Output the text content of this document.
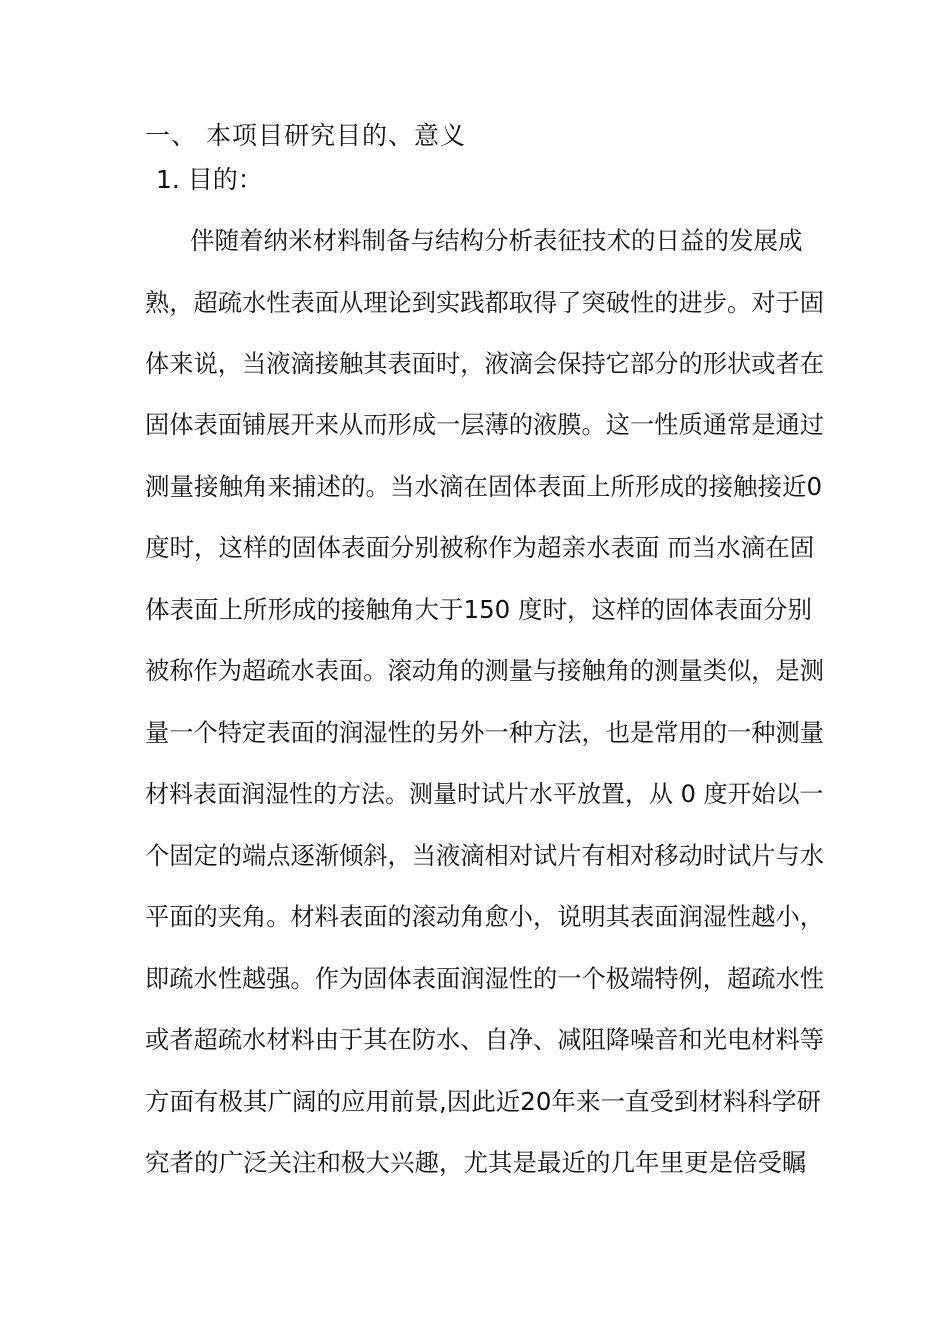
一、 本项目研究目的、意义
1. 目的：
伴随着纳米材料制备与结构分析表征技术的日益的发展成
熟，超疏水性表面从理论到实践都取得了突破性的进步。对于固
体来说，当液滴接触其表面时，液滴会保持它部分的形状或者在
固体表面铺展开来从而形成一层薄的液膜。这一性质通常是通过
测量接触角来捕述的。当水滴在固体表面上所形成的接触接近0
度时，这样的固体表面分别被称作为超亲水表面 而当水滴在固
体表面上所形成的接触角大于150 度时，这样的固体表面分别
被称作为超疏水表面。滚动角的测量与接触角的测量类似，是测
量一个特定表面的润湿性的另外一种方法，也是常用的一种测量
材料表面润湿性的方法。测量时试片水平放置，从 0 度开始以一
个固定的端点逐渐倾斜，当液滴相对试片有相对移动时试片与水
平面的夹角。材料表面的滚动角愈小，说明其表面润湿性越小，
即疏水性越强。作为固体表面润湿性的一个极端特例，超疏水性
或者超疏水材料由于其在防水、自净、减阻降噪音和光电材料等
方面有极其广阔的应用前景,因此近20年来一直受到材料科学研
究者的广泛关注和极大兴趣，尤其是最近的几年里更是倍受瞩
